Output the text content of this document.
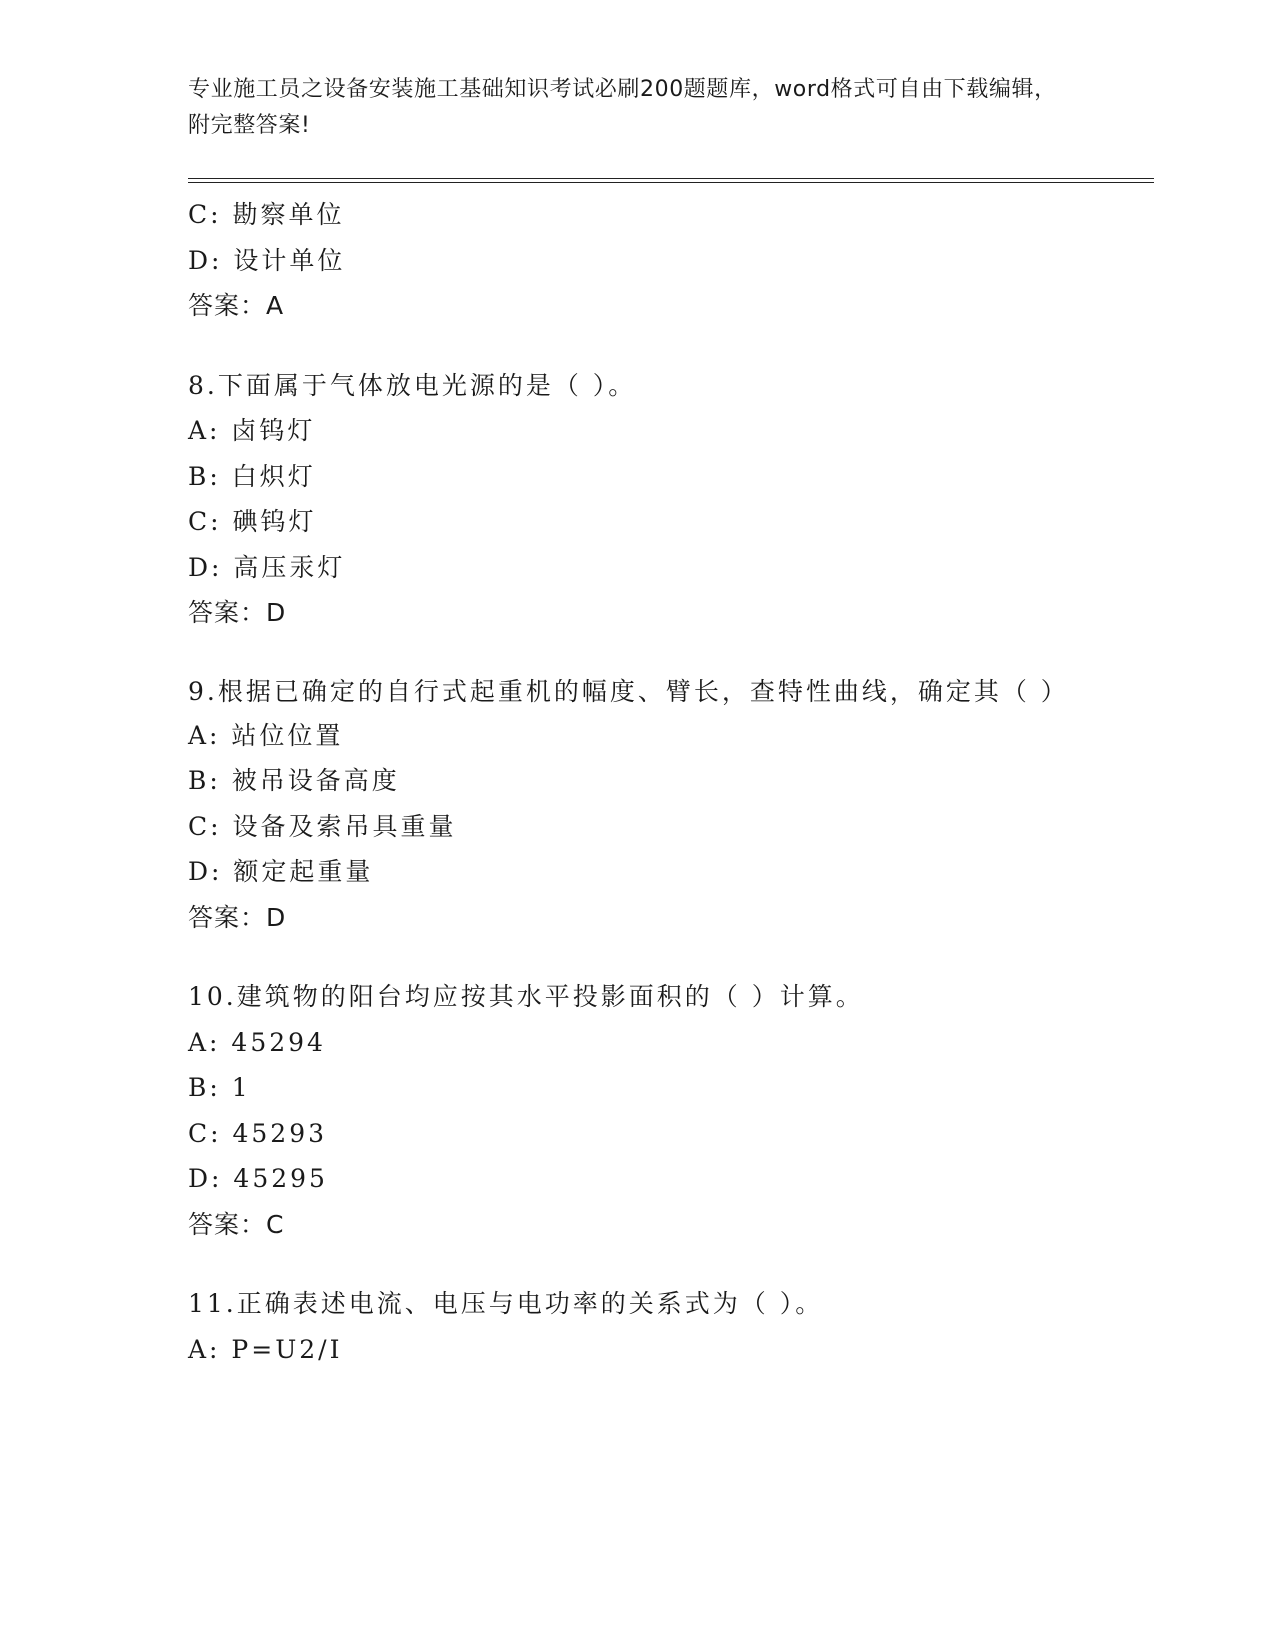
专业施工员之设备安装施工基础知识考试必刷200题题库，word格式可自由下载编辑，附完整答案!
C: 勘察单位
D: 设计单位
答案：A
8.下面属于气体放电光源的是（ ）。
A: 卤钨灯
B: 白炽灯
C: 碘钨灯
D: 高压汞灯
答案：D
9.根据已确定的自行式起重机的幅度、臂长，查特性曲线，确定其（ ）
A: 站位位置
B: 被吊设备高度
C: 设备及索吊具重量
D: 额定起重量
答案：D
10.建筑物的阳台均应按其水平投影面积的（ ）计算。
A: 45294
B: 1
C: 45293
D: 45295
答案：C
11.正确表述电流、电压与电功率的关系式为（ ）。
A: P=U2/I
